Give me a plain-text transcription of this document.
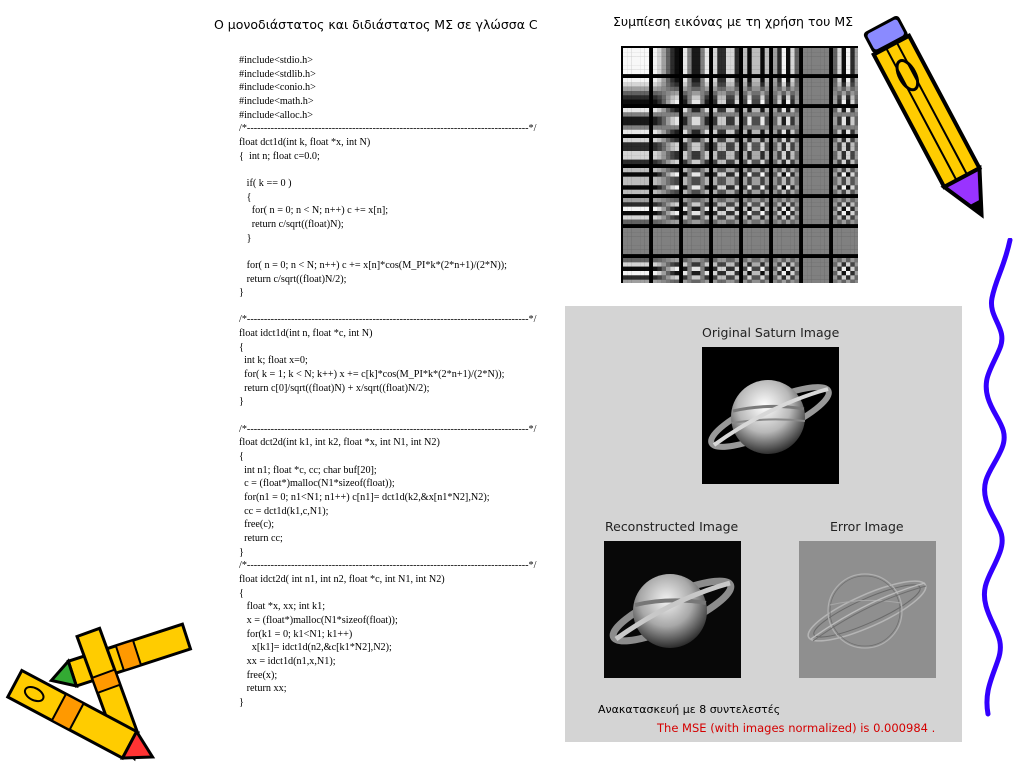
Ο μονοδιάστατος και διδιάστατος ΜΣ σε γλώσσα C	Συμπίεση εικόνας με τη χρήση του ΜΣ
#include<stdio.h>
#include<stdlib.h>
#include<conio.h>
#include<math.h>
#include<alloc.h>
/*-----------------------------------------------------------------------------------*/
float dct1d(int k, float *x, int N)
{  int n; float c=0.0;

if( k == 0 )
{
for( n = 0; n < N; n++) c += x[n];
return c/sqrt((float)N);
}

for( n = 0; n < N; n++) c += x[n]*cos(M_PI*k*(2*n+1)/(2*N));
return c/sqrt((float)N/2);
}

/*-----------------------------------------------------------------------------------*/
float idct1d(int n, float *c, int N)
{
int k; float x=0;
for( k = 1; k < N; k++) x += c[k]*cos(M_PI*k*(2*n+1)/(2*N));
return c[0]/sqrt((float)N) + x/sqrt((float)N/2);
}

/*-----------------------------------------------------------------------------------*/
float dct2d(int k1, int k2, float *x, int N1, int N2)
{
int n1; float *c, cc; char buf[20];
c = (float*)malloc(N1*sizeof(float));
for(n1 = 0; n1<N1; n1++) c[n1]= dct1d(k2,&x[n1*N2],N2);
cc = dct1d(k1,c,N1);
free(c);
return cc;
}
/*-----------------------------------------------------------------------------------*/
float idct2d( int n1, int n2, float *c, int N1, int N2)
{
float *x, xx; int k1;
x = (float*)malloc(N1*sizeof(float));
for(k1 = 0; k1<N1; k1++)
x[k1]= idct1d(n2,&c[k1*N2],N2);
xx = idct1d(n1,x,N1);
free(x);
return xx;
}

Original Saturn Image
Reconstructed Image	Error Image
Ανακατασκευή με 8 συντελεστές
The MSE (with images normalized) is 0.000984 .
